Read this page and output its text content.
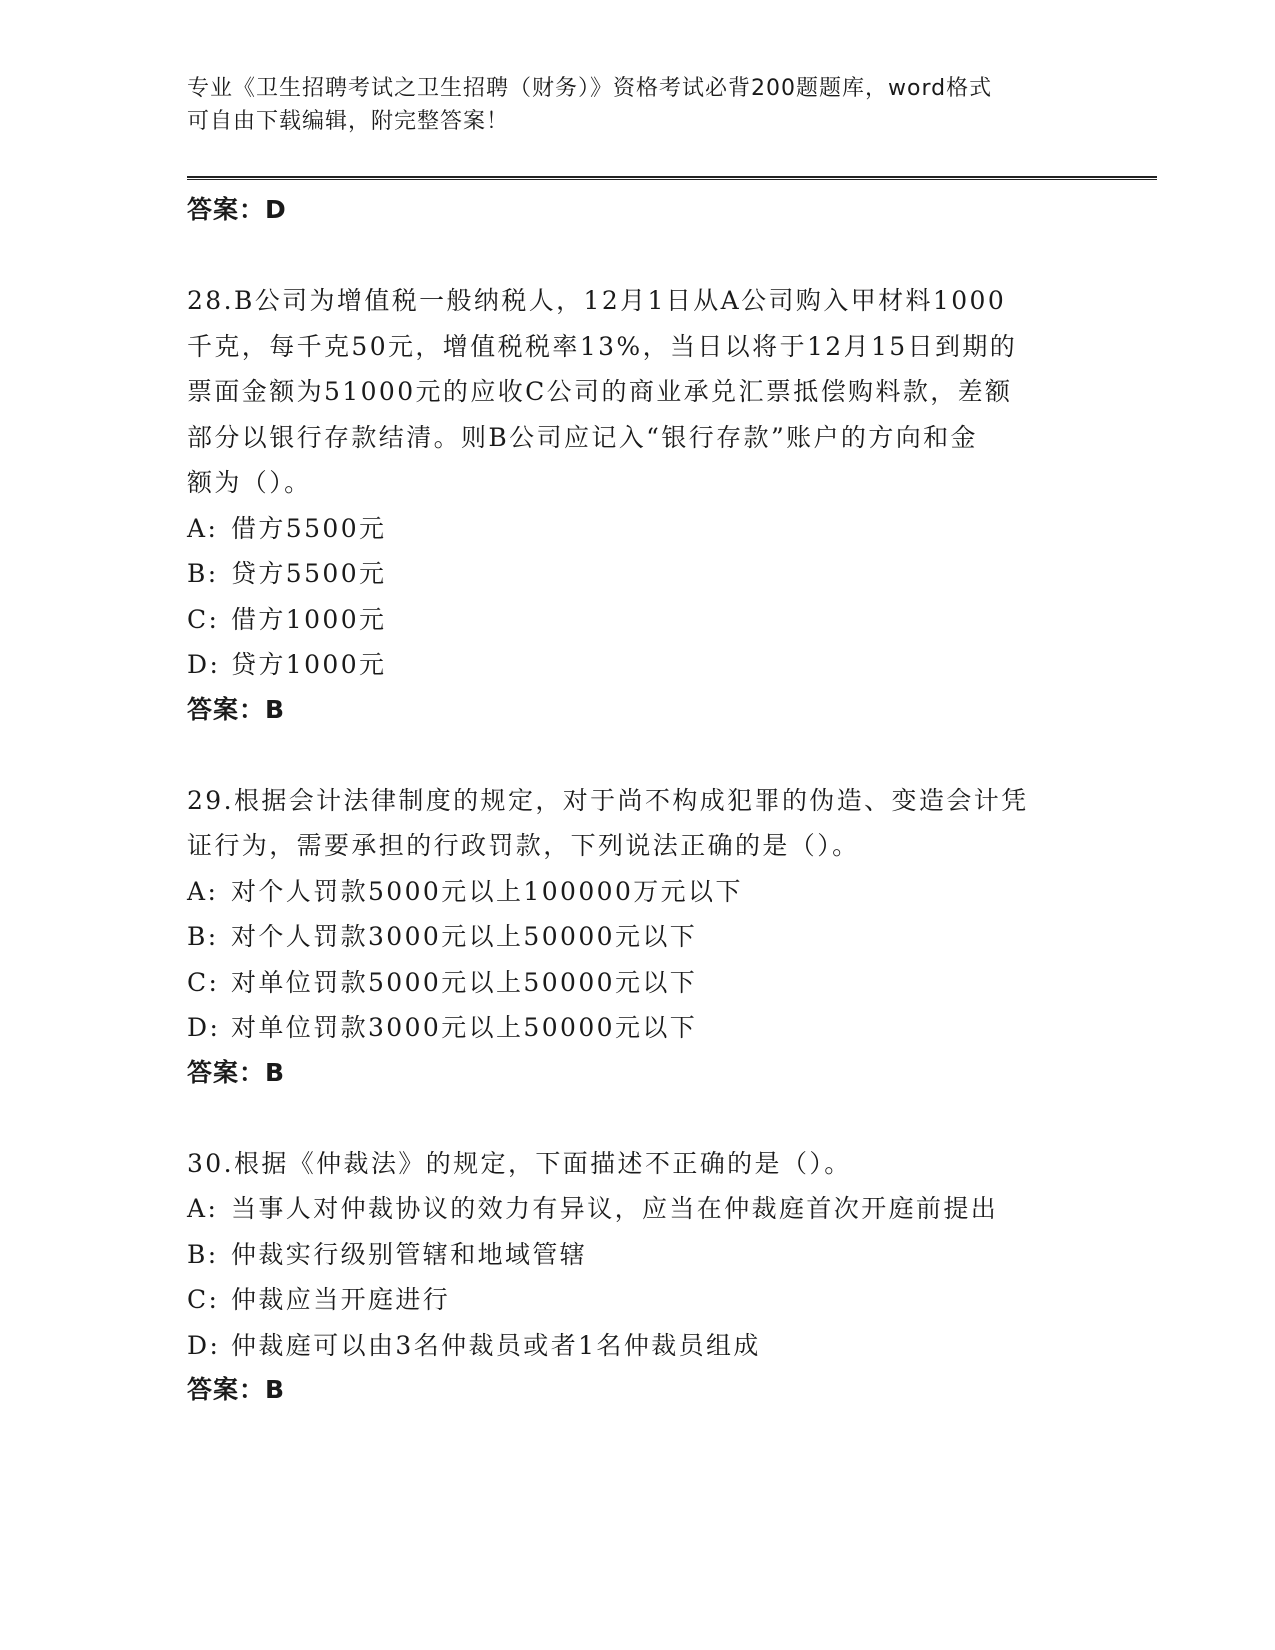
专业《卫生招聘考试之卫生招聘（财务）》资格考试必背200题题库，word格式
可自由下载编辑，附完整答案！

答案：D

28.B公司为增值税一般纳税人，12月1日从A公司购入甲材料1000

千克，每千克50元，增值税税率13%，当日以将于12月15日到期的

票面金额为51000元的应收C公司的商业承兑汇票抵偿购料款，差额

部分以银行存款结清。则B公司应记入“银行存款”账户的方向和金

额为（）。

A: 借方5500元
B: 贷方5500元
C: 借方1000元
D: 贷方1000元

答案：B

29.根据会计法律制度的规定，对于尚不构成犯罪的伪造、变造会计凭

证行为，需要承担的行政罚款，下列说法正确的是（）。

A: 对个人罚款5000元以上100000万元以下
B: 对个人罚款3000元以上50000元以下
C: 对单位罚款5000元以上50000元以下
D: 对单位罚款3000元以上50000元以下

答案：B

30.根据《仲裁法》的规定，下面描述不正确的是（）。

A: 当事人对仲裁协议的效力有异议，应当在仲裁庭首次开庭前提出
B: 仲裁实行级别管辖和地域管辖
C: 仲裁应当开庭进行
D: 仲裁庭可以由3名仲裁员或者1名仲裁员组成

答案：B
